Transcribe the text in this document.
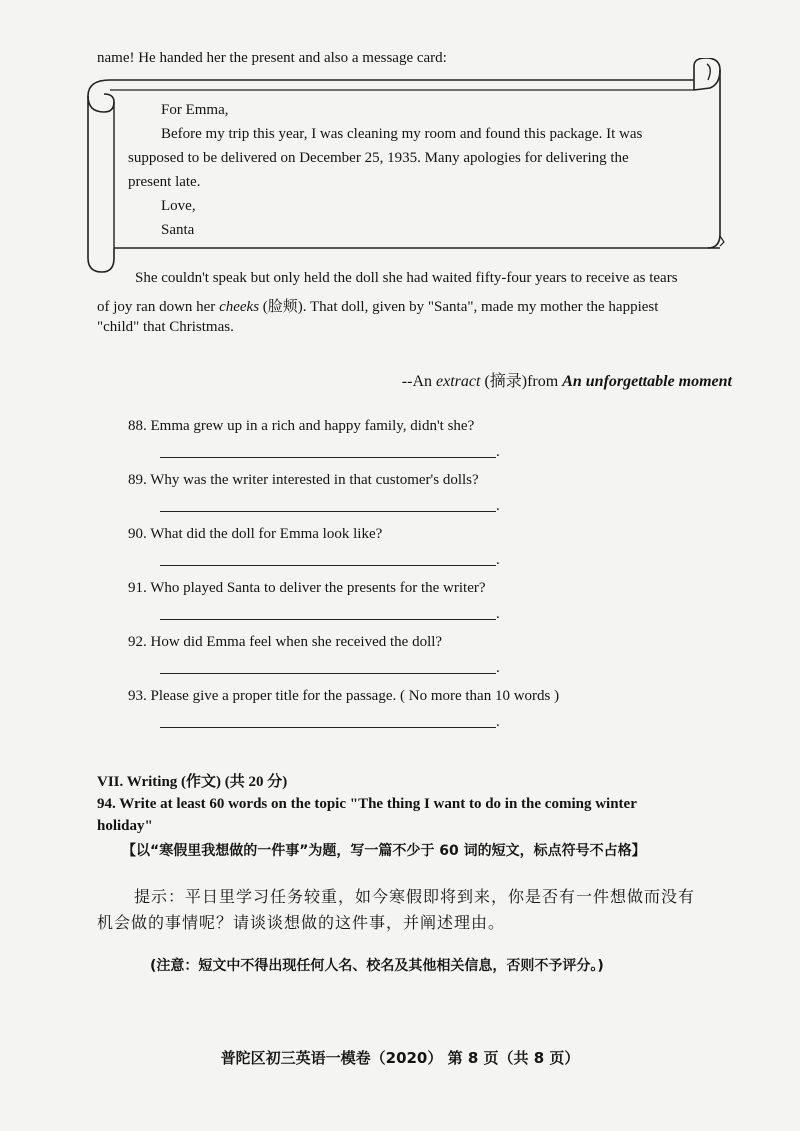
name! He handed her the present and also a message card:
For Emma,
Before my trip this year, I was cleaning my room and found this package. It was
supposed to be delivered on December 25, 1935. Many apologies for delivering the
present late.
Love,
Santa
She couldn't speak but only held the doll she had waited fifty-four years to receive as tears
of joy ran down her cheeks (脸颊). That doll, given by "Santa", made my mother the happiest
"child" that Christmas.
--An extract (摘录)from An unforgettable moment
88. Emma grew up in a rich and happy family, didn't she?
.
89. Why was the writer interested in that customer's dolls?
.
90. What did the doll for Emma look like?
.
91. Who played Santa to deliver the presents for the writer?
.
92. How did Emma feel when she received the doll?
.
93. Please give a proper title for the passage. ( No more than 10 words )
.
VII. Writing (作文) (共 20 分)
94. Write at least 60 words on the topic "The thing I want to do in the coming winter
holiday"
【以“寒假里我想做的一件事”为题，写一篇不少于 60 词的短文，标点符号不占格】
提示：平日里学习任务较重，如今寒假即将到来，你是否有一件想做而没有
机会做的事情呢？请谈谈想做的这件事，并阐述理由。
(注意：短文中不得出现任何人名、校名及其他相关信息，否则不予评分。)
普陀区初三英语一模卷（2020） 第 8 页（共 8 页）
